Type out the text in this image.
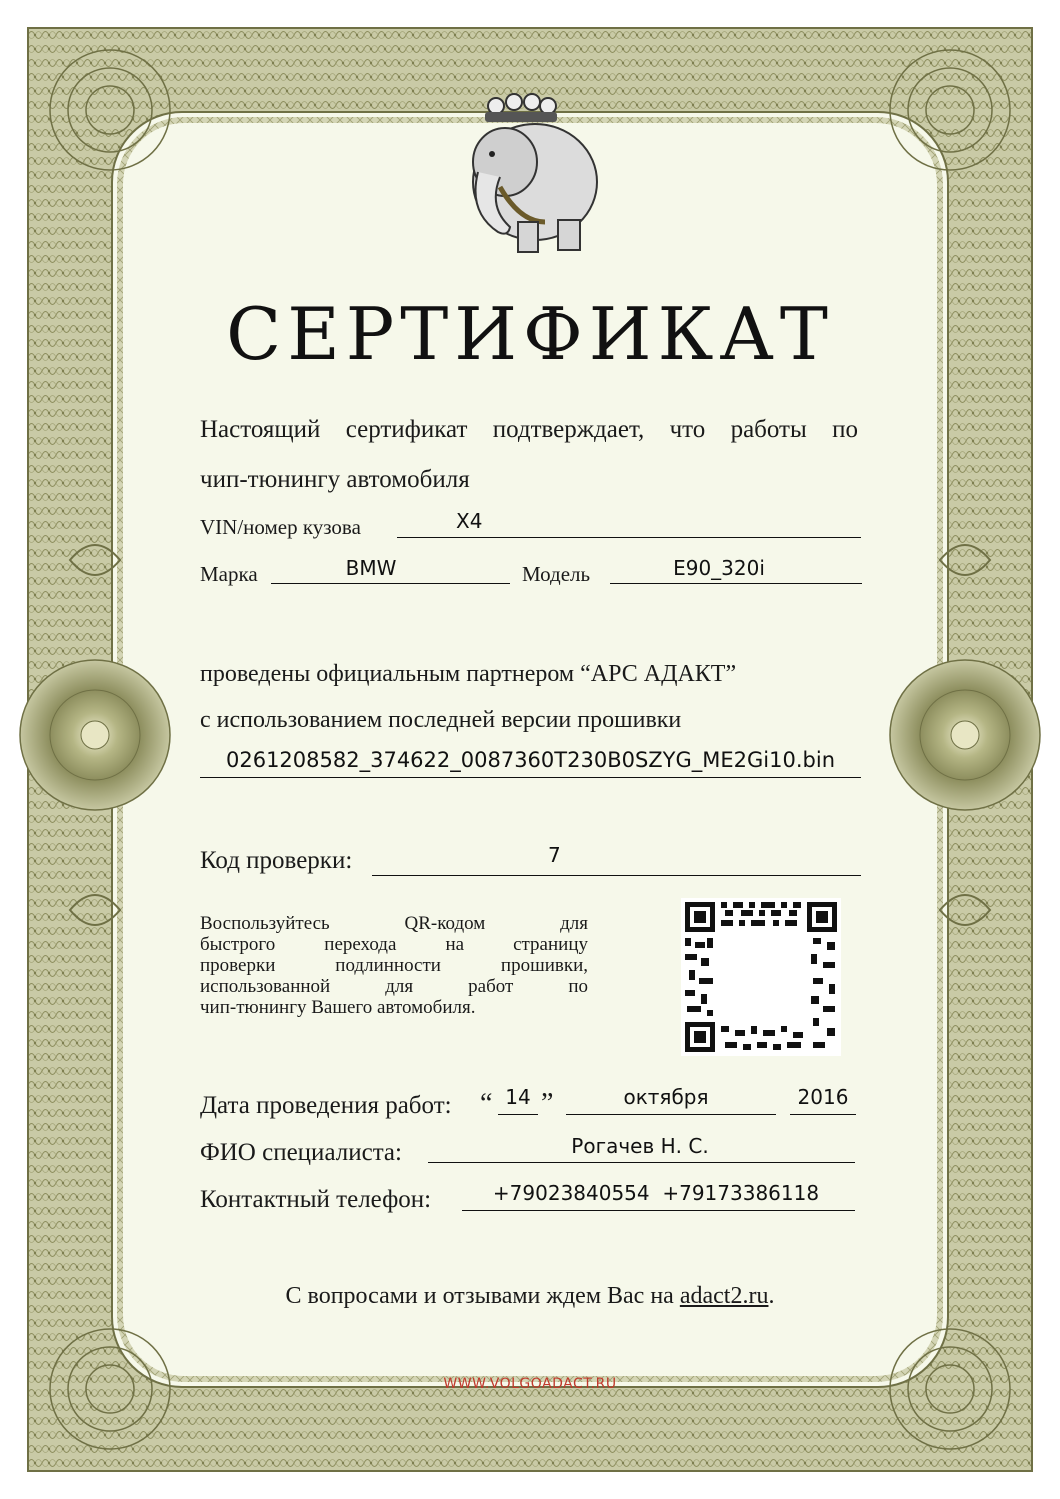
СЕРТИФИКАТ
Настоящий сертификат подтверждает, что работы по
чип-тюнингу автомобиля
VIN/номер кузова	X4
Марка	BMW	Модель	E90_320i
проведены официальным партнером “АРС АДАКТ”
с использованием последней версии прошивки
0261208582_374622_0087360T230B0SZYG_ME2Gi10.bin
Код проверки:	7
Воспользуйтесь QR-кодом для
быстрого перехода на страницу
проверки подлинности прошивки,
использованной для работ по
чип-тюнингу Вашего автомобиля.
Дата проведения работ: “ 14 ”	октября	2016
ФИО специалиста:	Рогачев Н. С.
Контактный телефон:	+79023840554  +79173386118
С вопросами и отзывами ждем Вас на adact2.ru.
WWW.VOLGOADACT.RU
